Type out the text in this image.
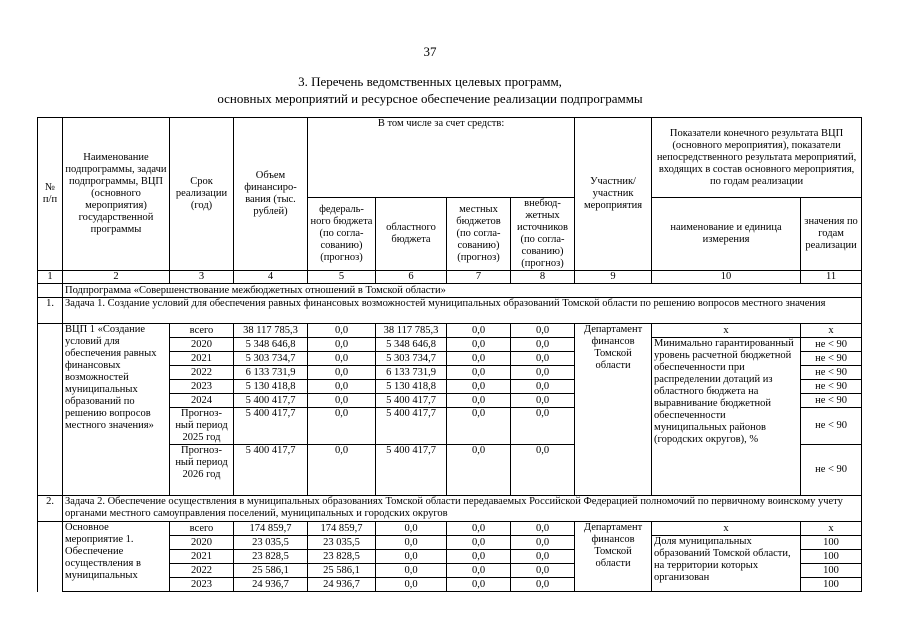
37
3. Перечень ведомственных целевых программ,
основных мероприятий и ресурсное обеспечение реализации подпрограммы
№ п/п	Наименование подпрограммы, задачи подпрограммы, ВЦП (основного мероприятия) государственной программы	Срок реализации (год)	Объем финансиро-вания (тыс. рублей)	В том числе за счет средств:				Участник/ участник мероприятия	Показатели конечного результата ВЦП (основного мероприятия), показатели непосредственного результата мероприятий, входящих в состав основного мероприятия, по годам реализации	
				федераль-ного бюджета (по согла-сованию) (прогноз)	областного бюджета	местных бюджетов (по согла-сованию) (прогноз)	внебюд-жетных источников (по согла-сованию) (прогноз)		наименование и единица измерения	значения по годам реализации
1	2	3	4	5	6	7	8	9	10	11
	Подпрограмма «Совершенствование межбюджетных отношений в Томской области»									
1.	Задача 1. Создание условий для обеспечения равных финансовых возможностей муниципальных образований Томской области по решению вопросов местного значения									
	ВЦП 1 «Создание условий для обеспечения равных финансовых возможностей муниципальных образований по решению вопросов местного значения»	всего	38 117 785,3	0,0	38 117 785,3	0,0	0,0	Департамент финансов Томской области	х	х
		2020	5 348 646,8	0,0	5 348 646,8	0,0	0,0		Минимально гарантированный уровень расчетной бюджетной обеспеченности при распределении дотаций из областного бюджета на выравнивание бюджетной обеспеченности муниципальных районов (городских округов), %	не < 90
		2021	5 303 734,7	0,0	5 303 734,7	0,0	0,0			не < 90
		2022	6 133 731,9	0,0	6 133 731,9	0,0	0,0			не < 90
		2023	5 130 418,8	0,0	5 130 418,8	0,0	0,0			не < 90
		2024	5 400 417,7	0,0	5 400 417,7	0,0	0,0			не < 90
		Прогноз-ный период 2025 год	5 400 417,7	0,0	5 400 417,7	0,0	0,0			не < 90
		Прогноз-ный период 2026 год	5 400 417,7	0,0	5 400 417,7	0,0	0,0			не < 90
2.	Задача 2. Обеспечение осуществления в муниципальных образованиях Томской области передаваемых Российской Федерацией полномочий по первичному воинскому учету органами местного самоуправления поселений, муниципальных и городских округов									
	Основное мероприятие 1. Обеспечение осуществления в муниципальных	всего	174 859,7	174 859,7	0,0	0,0	0,0	Департамент финансов Томской области	х	х
		2020	23 035,5	23 035,5	0,0	0,0	0,0		Доля муниципальных образований Томской области, на территории которых организован	100
		2021	23 828,5	23 828,5	0,0	0,0	0,0			100
		2022	25 586,1	25 586,1	0,0	0,0	0,0			100
		2023	24 936,7	24 936,7	0,0	0,0	0,0			100
